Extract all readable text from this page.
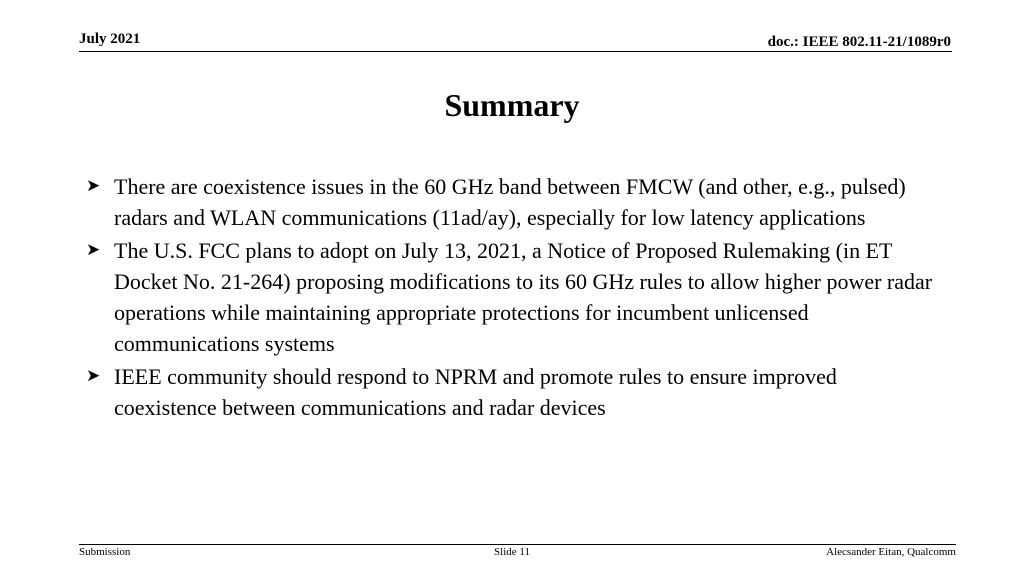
July 2021	doc.: IEEE 802.11-21/1089r0
Summary
➤ There are coexistence issues in the 60 GHz band between FMCW (and other, e.g., pulsed) radars and WLAN communications (11ad/ay), especially for low latency applications
➤ The U.S. FCC plans to adopt on July 13, 2021, a Notice of Proposed Rulemaking (in ET Docket No. 21-264) proposing modifications to its 60 GHz rules to allow higher power radar operations while maintaining appropriate protections for incumbent unlicensed communications systems
➤ IEEE community should respond to NPRM and promote rules to ensure improved coexistence between communications and radar devices
Submission	Slide 11	Alecsander Eitan, Qualcomm
